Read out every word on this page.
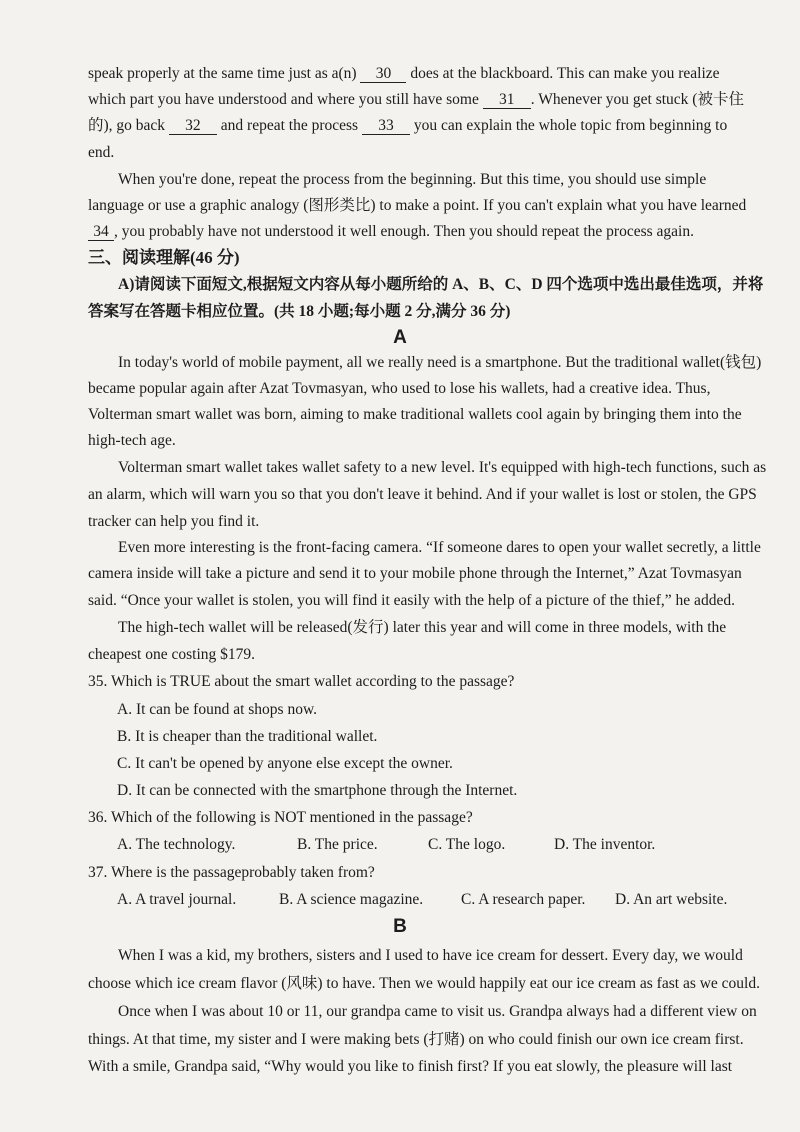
speak properly at the same time just as a(n) 30 does at the blackboard. This can make you realize
which part you have understood and where you still have some 31 . Whenever you get stuck (被卡住
的), go back 32 and repeat the process 33 you can explain the whole topic from beginning to
end.
When you're done, repeat the process from the beginning. But this time, you should use simple
language or use a graphic analogy (图形类比) to make a point. If you can't explain what you have learned
34 , you probably have not understood it well enough. Then you should repeat the process again.
三、阅读理解(46 分)
A)请阅读下面短文,根据短文内容从每小题所给的 A、B、C、D 四个选项中选出最佳选项，并将
答案写在答题卡相应位置。(共 18 小题;每小题 2 分,满分 36 分)
A
In today's world of mobile payment, all we really need is a smartphone. But the traditional wallet(钱包)
became popular again after Azat Tovmasyan, who used to lose his wallets, had a creative idea. Thus,
Volterman smart wallet was born, aiming to make traditional wallets cool again by bringing them into the
high-tech age.
Volterman smart wallet takes wallet safety to a new level. It's equipped with high-tech functions, such as
an alarm, which will warn you so that you don't leave it behind. And if your wallet is lost or stolen, the GPS
tracker can help you find it.
Even more interesting is the front-facing camera. “If someone dares to open your wallet secretly, a little
camera inside will take a picture and send it to your mobile phone through the Internet,” Azat Tovmasyan
said. “Once your wallet is stolen, you will find it easily with the help of a picture of the thief,” he added.
The high-tech wallet will be released(发行) later this year and will come in three models, with the
cheapest one costing $179.
35. Which is TRUE about the smart wallet according to the passage?
A. It can be found at shops now.
B. It is cheaper than the traditional wallet.
C. It can't be opened by anyone else except the owner.
D. It can be connected with the smartphone through the Internet.
36. Which of the following is NOT mentioned in the passage?
A. The technology.	B. The price.	C. The logo.	D. The inventor.
37. Where is the passageprobably taken from?
A. A travel journal.	B. A science magazine. C. A research paper. D. An art website.
B
When I was a kid, my brothers, sisters and I used to have ice cream for dessert. Every day, we would
choose which ice cream flavor (风味) to have. Then we would happily eat our ice cream as fast as we could.
Once when I was about 10 or 11, our grandpa came to visit us. Grandpa always had a different view on
things. At that time, my sister and I were making bets (打赌) on who could finish our own ice cream first.
With a smile, Grandpa said, “Why would you like to finish first? If you eat slowly, the pleasure will last
